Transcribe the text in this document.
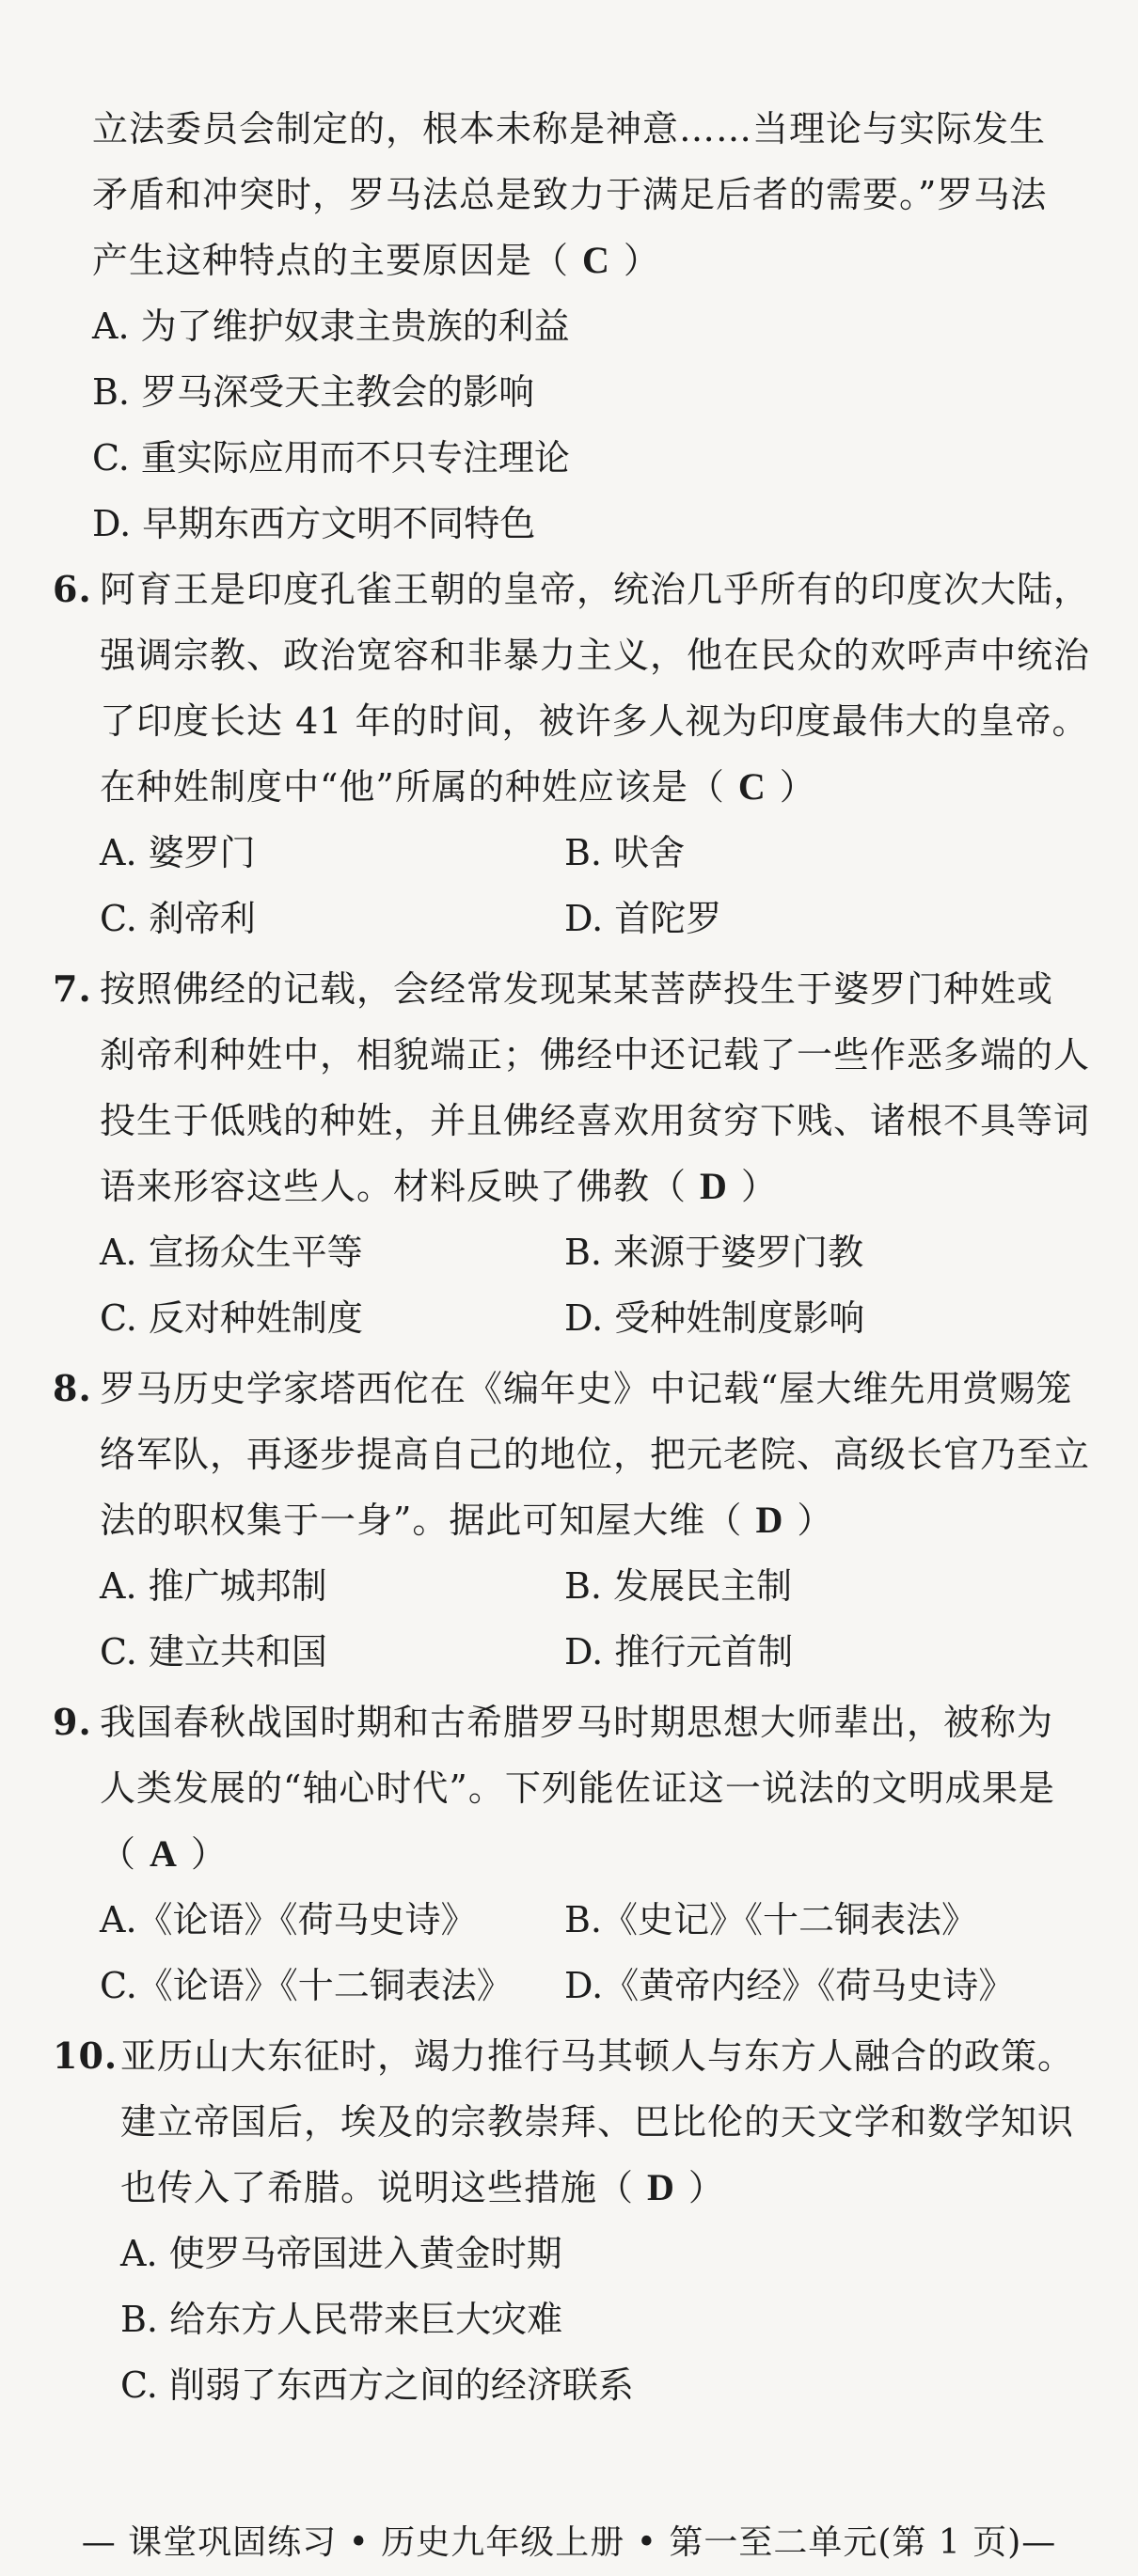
立法委员会制定的，根本未称是神意……当理论与实际发生
矛盾和冲突时，罗马法总是致力于满足后者的需要。”罗马法
产生这种特点的主要原因是（ C ）
A. 为了维护奴隶主贵族的利益
B. 罗马深受天主教会的影响
C. 重实际应用而不只专注理论
D. 早期东西方文明不同特色
6. 阿育王是印度孔雀王朝的皇帝，统治几乎所有的印度次大陆，
强调宗教、政治宽容和非暴力主义，他在民众的欢呼声中统治
了印度长达 41 年的时间，被许多人视为印度最伟大的皇帝。
在种姓制度中“他”所属的种姓应该是（ C ）
A. 婆罗门	B. 吠舍
C. 刹帝利	D. 首陀罗
7. 按照佛经的记载，会经常发现某某菩萨投生于婆罗门种姓或
刹帝利种姓中，相貌端正；佛经中还记载了一些作恶多端的人
投生于低贱的种姓，并且佛经喜欢用贫穷下贱、诸根不具等词
语来形容这些人。材料反映了佛教（ D ）
A. 宣扬众生平等	B. 来源于婆罗门教
C. 反对种姓制度	D. 受种姓制度影响
8. 罗马历史学家塔西佗在《编年史》中记载“屋大维先用赏赐笼
络军队，再逐步提高自己的地位，把元老院、高级长官乃至立
法的职权集于一身”。据此可知屋大维（ D ）
A. 推广城邦制	B. 发展民主制
C. 建立共和国	D. 推行元首制
9. 我国春秋战国时期和古希腊罗马时期思想大师辈出，被称为
人类发展的“轴心时代”。下列能佐证这一说法的文明成果是
（ A ）
A.《论语》《荷马史诗》 B.《史记》《十二铜表法》
C.《论语》《十二铜表法》 D.《黄帝内经》《荷马史诗》
10. 亚历山大东征时，竭力推行马其顿人与东方人融合的政策。
建立帝国后，埃及的宗教崇拜、巴比伦的天文学和数学知识
也传入了希腊。说明这些措施（ D ）
A. 使罗马帝国进入黄金时期
B. 给东方人民带来巨大灾难
C. 削弱了东西方之间的经济联系
— 课堂巩固练习 • 历史九年级上册 • 第一至二单元(第 1 页)—
